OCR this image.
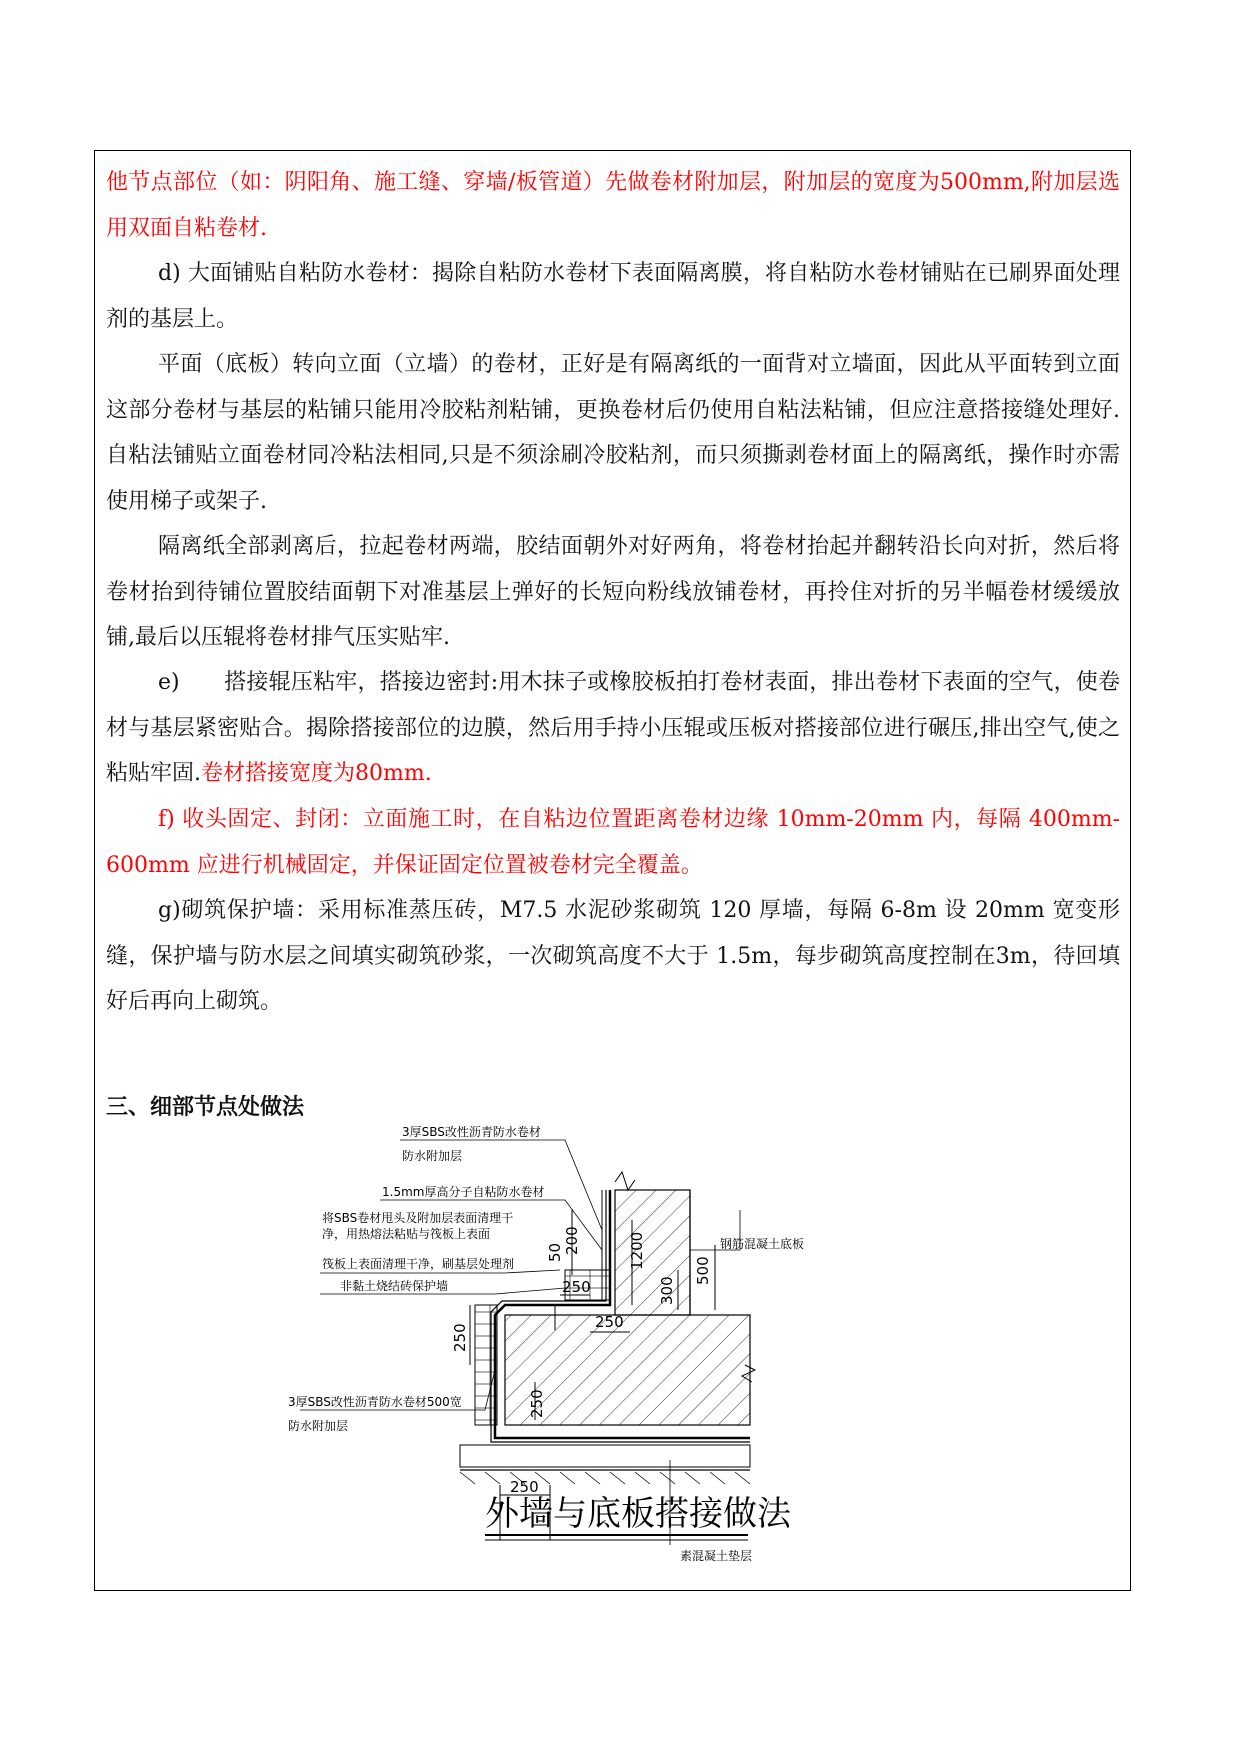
他节点部位（如：阴阳角、施工缝、穿墙/板管道）先做卷材附加层，附加层的宽度为500mm,附加层选用双面自粘卷材.

d) 大面铺贴自粘防水卷材：揭除自粘防水卷材下表面隔离膜，将自粘防水卷材铺贴在已刷界面处理剂的基层上。

平面（底板）转向立面（立墙）的卷材，正好是有隔离纸的一面背对立墙面，因此从平面转到立面这部分卷材与基层的粘铺只能用冷胶粘剂粘铺，更换卷材后仍使用自粘法粘铺，但应注意搭接缝处理好.自粘法铺贴立面卷材同冷粘法相同,只是不须涂刷冷胶粘剂，而只须撕剥卷材面上的隔离纸，操作时亦需使用梯子或架子.

隔离纸全部剥离后，拉起卷材两端，胶结面朝外对好两角，将卷材抬起并翻转沿长向对折，然后将卷材抬到待铺位置胶结面朝下对准基层上弹好的长短向粉线放铺卷材，再拎住对折的另半幅卷材缓缓放铺,最后以压辊将卷材排气压实贴牢.

e)　　搭接辊压粘牢，搭接边密封:用木抹子或橡胶板拍打卷材表面，排出卷材下表面的空气，使卷材与基层紧密贴合。揭除搭接部位的边膜，然后用手持小压辊或压板对搭接部位进行碾压,排出空气,使之粘贴牢固.卷材搭接宽度为80mm.

f) 收头固定、封闭：立面施工时，在自粘边位置距离卷材边缘 10mm-20mm 内，每隔 400mm-600mm 应进行机械固定，并保证固定位置被卷材完全覆盖。

g)砌筑保护墙：采用标准蒸压砖，M7.5 水泥砂浆砌筑 120 厚墙，每隔 6-8m 设 20mm 宽变形缝，保护墙与防水层之间填实砌筑砂浆，一次砌筑高度不大于 1.5m，每步砌筑高度控制在3m，待回填好后再向上砌筑。

三、细部节点处做法
50 200	1200
300
500
250
250
250
250
250
3厚SBS改性沥青防水卷材
防水附加层
1.5mm厚高分子自粘防水卷材
将SBS卷材甩头及附加层表面清理干
净，用热熔法粘贴与筏板上表面
筏板上表面清理干净，刷基层处理剂
非黏土烧结砖保护墙
钢筋混凝土底板
3厚SBS改性沥青防水卷材500宽
防水附加层
素混凝土垫层
外墙与底板搭接做法
